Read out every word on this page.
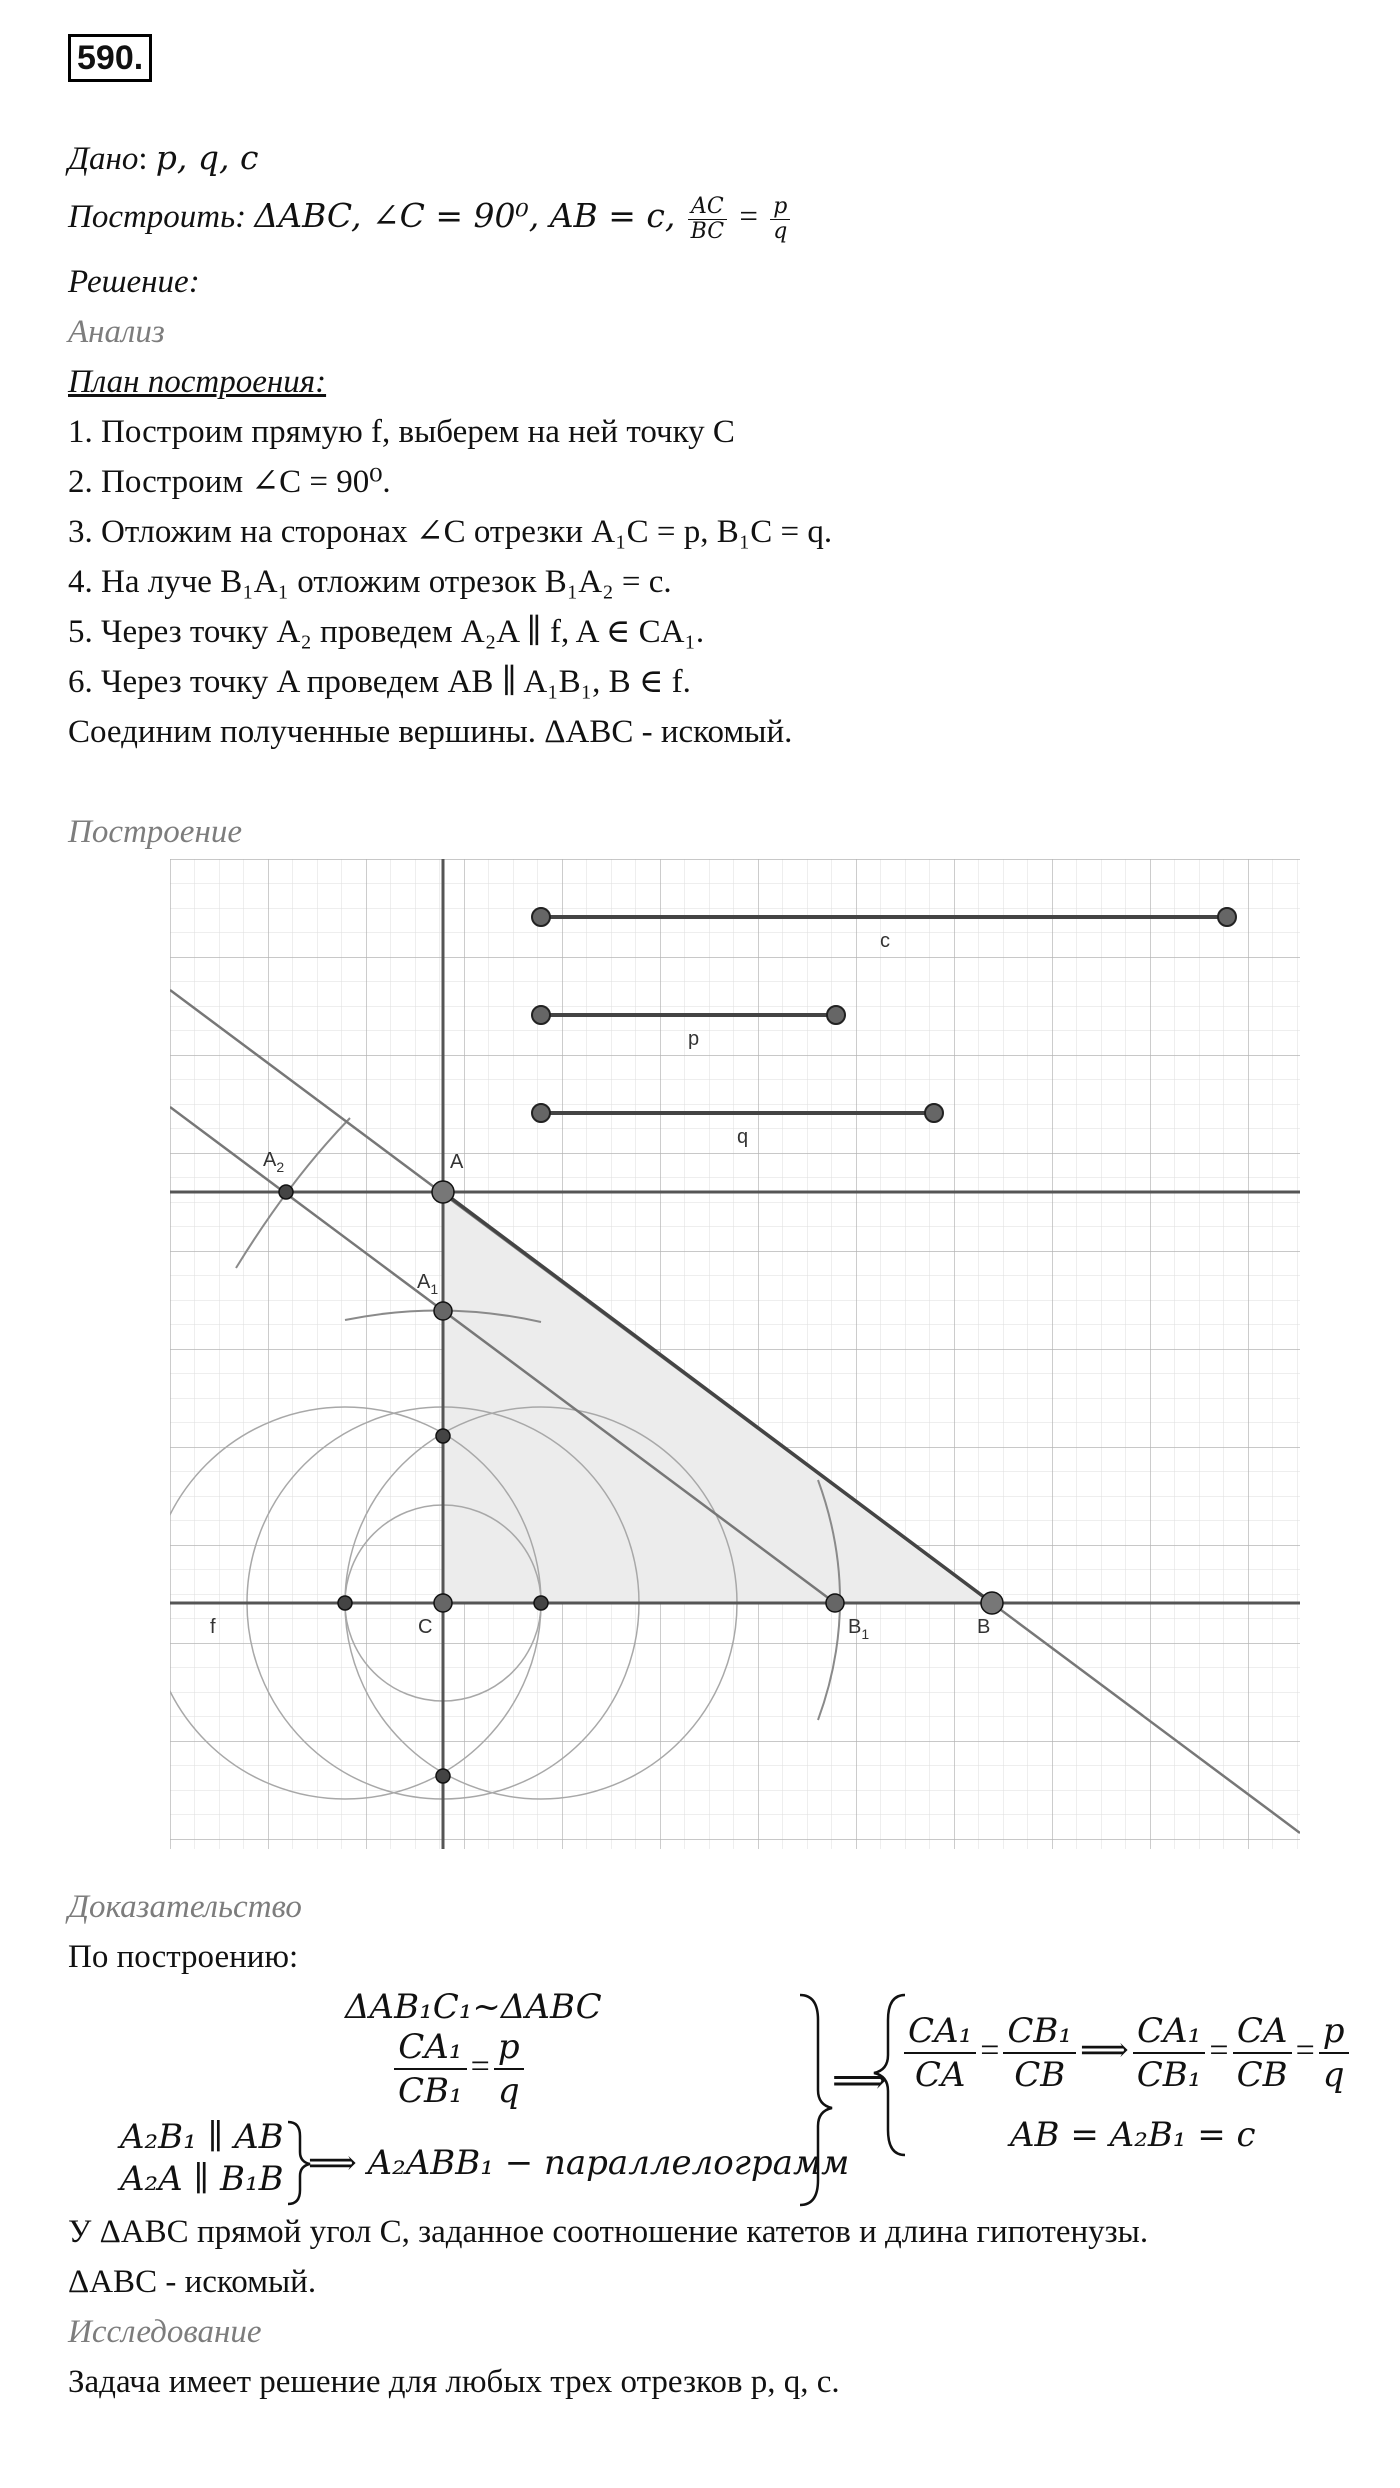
590.
Дано: p, q, c
Построить: ΔABC, ∠C = 90⁰, AB = c, $\frac{AC}{BC} = \frac{p}{q}$
Решение:
Анализ
План построения:
1. Построим прямую f, выберем на ней точку C
2. Построим ∠C = 90⁰.
3. Отложим на сторонах ∠C отрезки A₁C = p, B₁C = q.
4. На луче B₁A₁ отложим отрезок B₁A₂ = c.
5. Через точку A₂ проведем A₂A ∥ f, A ∈ CA₁.
6. Через точку A проведем AB ∥ A₁B₁, B ∈ f.
Соединим полученные вершины. ΔABC - искомый.
Построение
c
p
q
A
$A_1$
$A_2$
C	$B_1$	B
f
Доказательство
По построению:
ΔAB₁C₁~ΔABC
$\frac{\text{CA₁}}{\text{CB₁}} = \frac{p}{q}$
A₂B₁ ∥ AB
A₂A ∥ B₁B ⟹ A₂ABB₁ − параллелограмм
⟹ $\frac{\text{CA₁}}{CA} = \frac{\text{CB₁}}{CB}$ ⟹ $\frac{\text{CA₁}}{\text{CB₁}} = \frac{CA}{CB} = \frac{p}{q}$
AB = A₂B₁ = c
У ΔABC прямой угол C, заданное соотношение катетов и длина гипотенузы.
ΔABC - искомый.
Исследование
Задача имеет решение для любых трех отрезков p, q, c.
